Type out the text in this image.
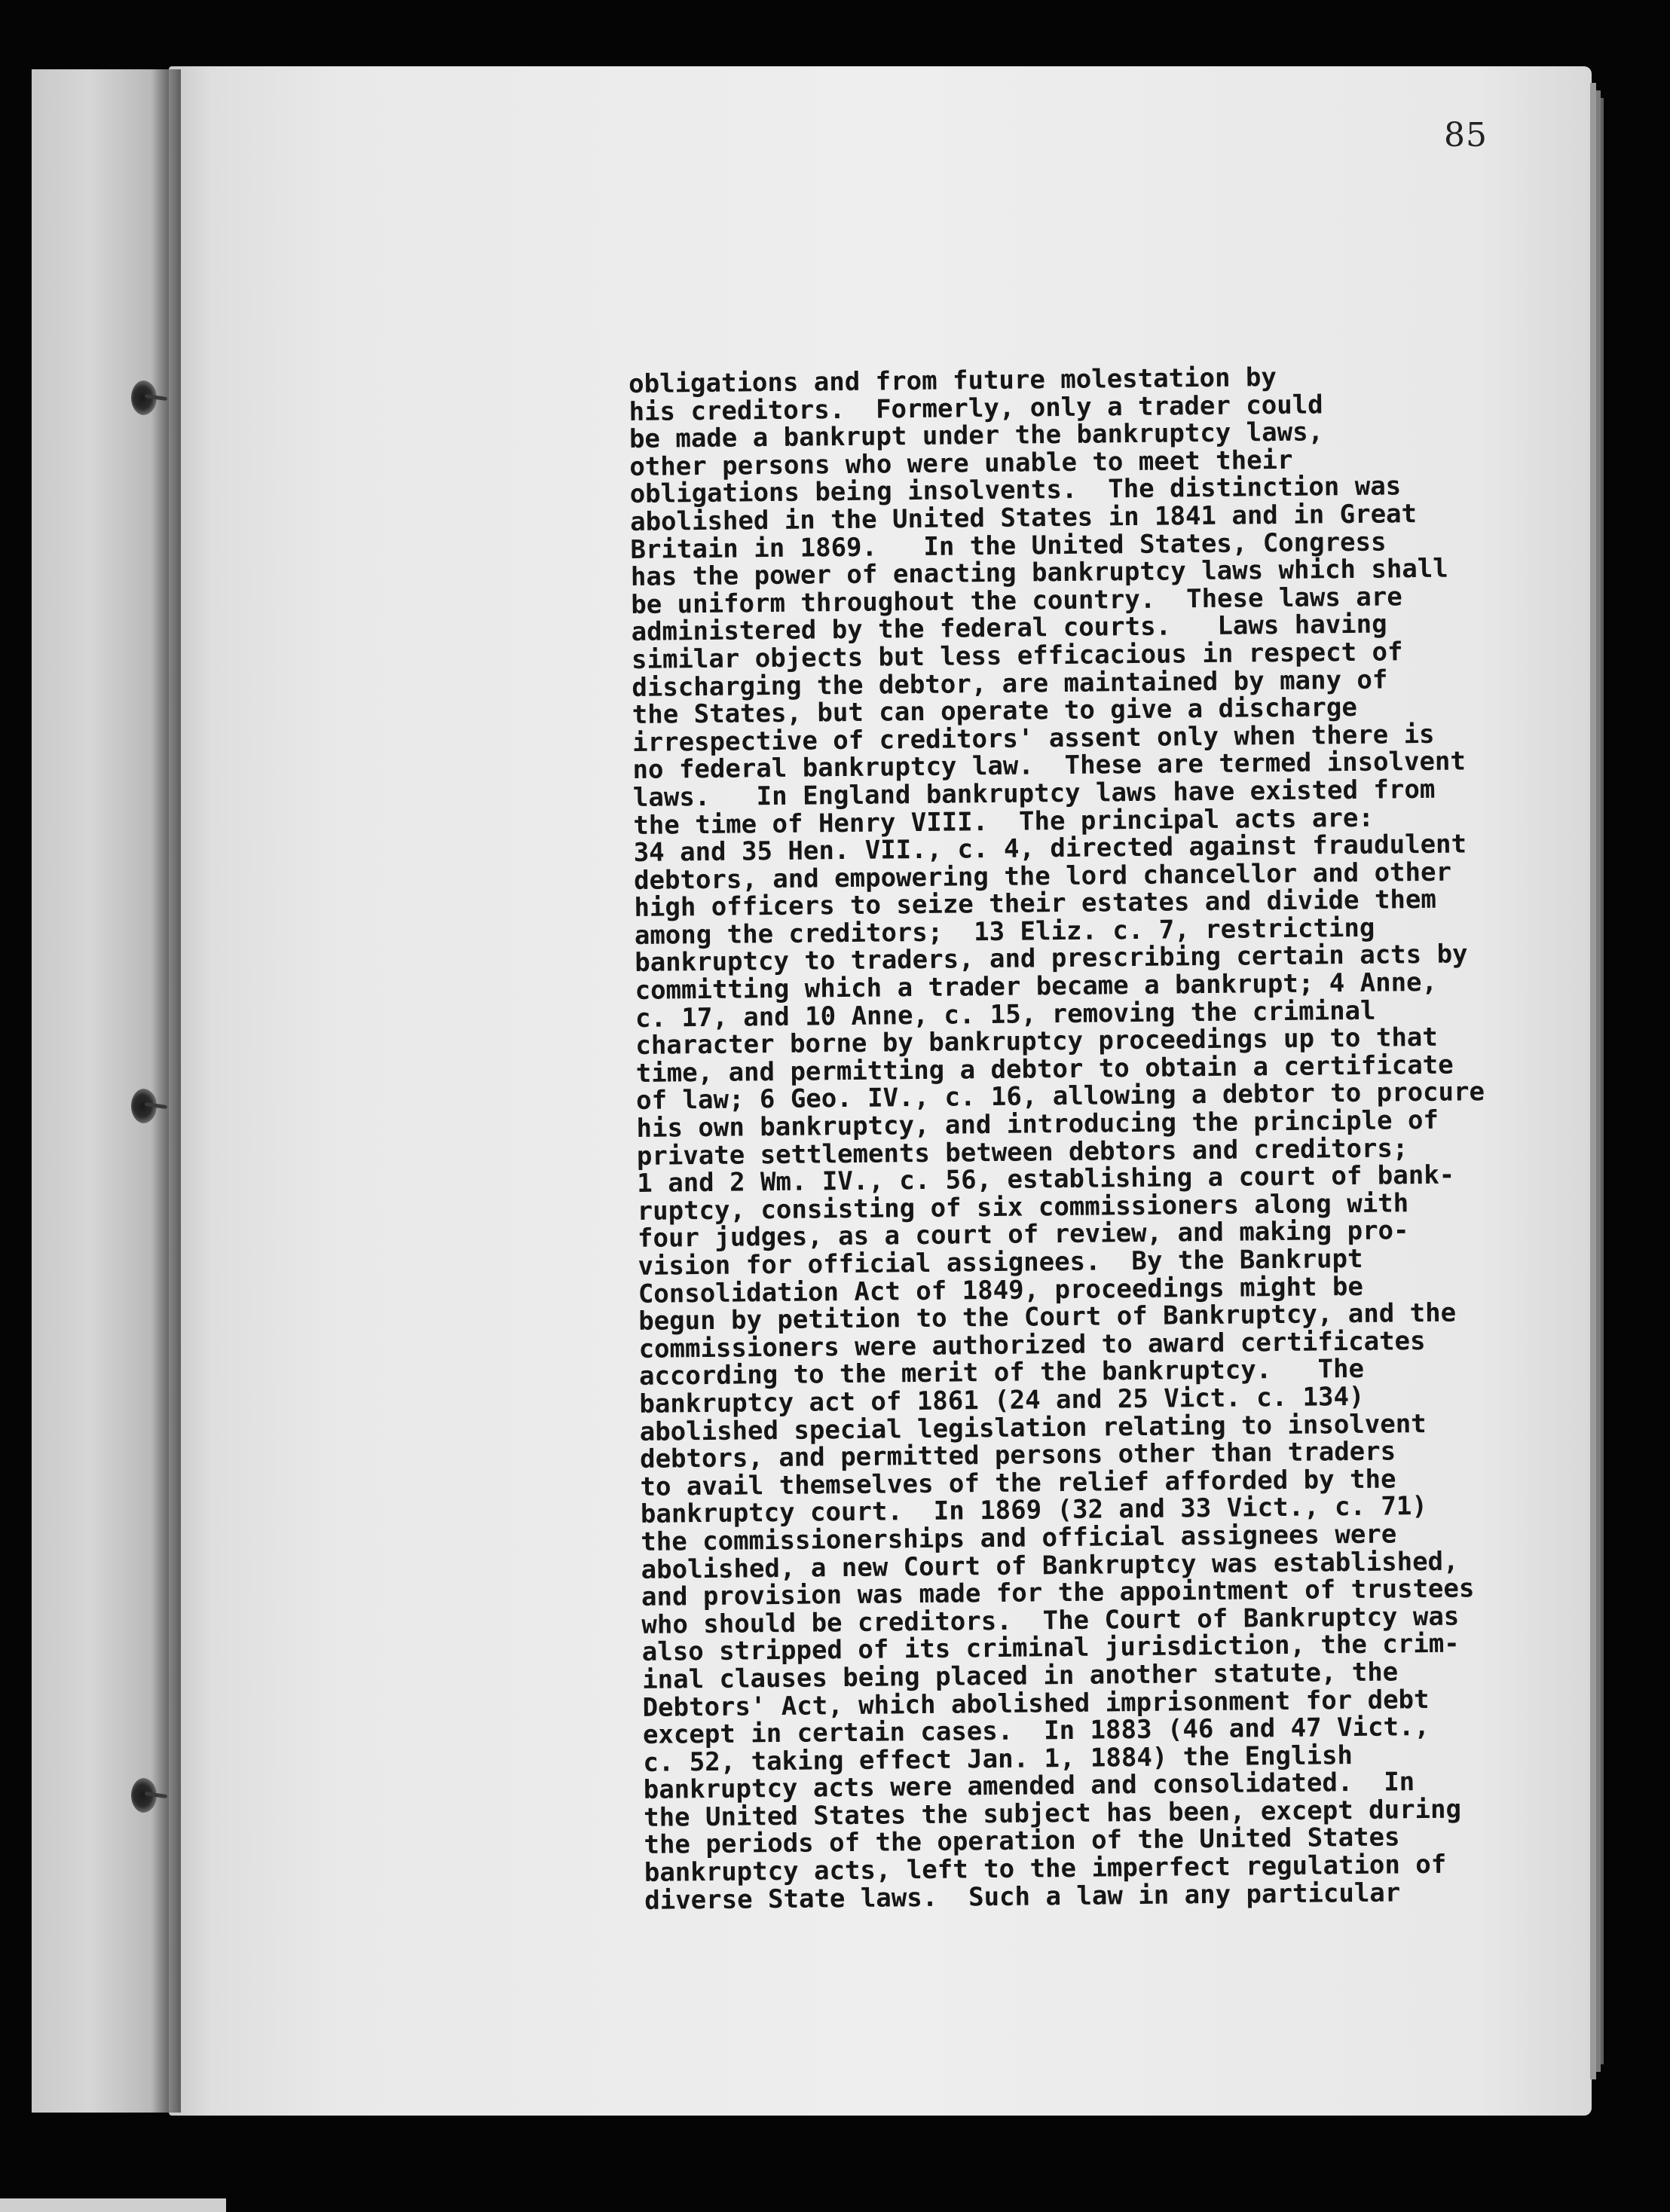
85
obligations and from future molestation by
his creditors.  Formerly, only a trader could
be made a bankrupt under the bankruptcy laws,
other persons who were unable to meet their
obligations being insolvents.  The distinction was
abolished in the United States in 1841 and in Great
Britain in 1869.   In the United States, Congress
has the power of enacting bankruptcy laws which shall
be uniform throughout the country.  These laws are
administered by the federal courts.   Laws having
similar objects but less efficacious in respect of
discharging the debtor, are maintained by many of
the States, but can operate to give a discharge
irrespective of creditors' assent only when there is
no federal bankruptcy law.  These are termed insolvent
laws.   In England bankruptcy laws have existed from
the time of Henry VIII.  The principal acts are:
34 and 35 Hen. VII., c. 4, directed against fraudulent
debtors, and empowering the lord chancellor and other
high officers to seize their estates and divide them
among the creditors;  13 Eliz. c. 7, restricting
bankruptcy to traders, and prescribing certain acts by
committing which a trader became a bankrupt; 4 Anne,
c. 17, and 10 Anne, c. 15, removing the criminal
character borne by bankruptcy proceedings up to that
time, and permitting a debtor to obtain a certificate
of law; 6 Geo. IV., c. 16, allowing a debtor to procure
his own bankruptcy, and introducing the principle of
private settlements between debtors and creditors;
1 and 2 Wm. IV., c. 56, establishing a court of bank-
ruptcy, consisting of six commissioners along with
four judges, as a court of review, and making pro-
vision for official assignees.  By the Bankrupt
Consolidation Act of 1849, proceedings might be
begun by petition to the Court of Bankruptcy, and the
commissioners were authorized to award certificates
according to the merit of the bankruptcy.   The
bankruptcy act of 1861 (24 and 25 Vict. c. 134)
abolished special legislation relating to insolvent
debtors, and permitted persons other than traders
to avail themselves of the relief afforded by the
bankruptcy court.  In 1869 (32 and 33 Vict., c. 71)
the commissionerships and official assignees were
abolished, a new Court of Bankruptcy was established,
and provision was made for the appointment of trustees
who should be creditors.  The Court of Bankruptcy was
also stripped of its criminal jurisdiction, the crim-
inal clauses being placed in another statute, the
Debtors' Act, which abolished imprisonment for debt
except in certain cases.  In 1883 (46 and 47 Vict.,
c. 52, taking effect Jan. 1, 1884) the English
bankruptcy acts were amended and consolidated.  In
the United States the subject has been, except during
the periods of the operation of the United States
bankruptcy acts, left to the imperfect regulation of
diverse State laws.  Such a law in any particular
